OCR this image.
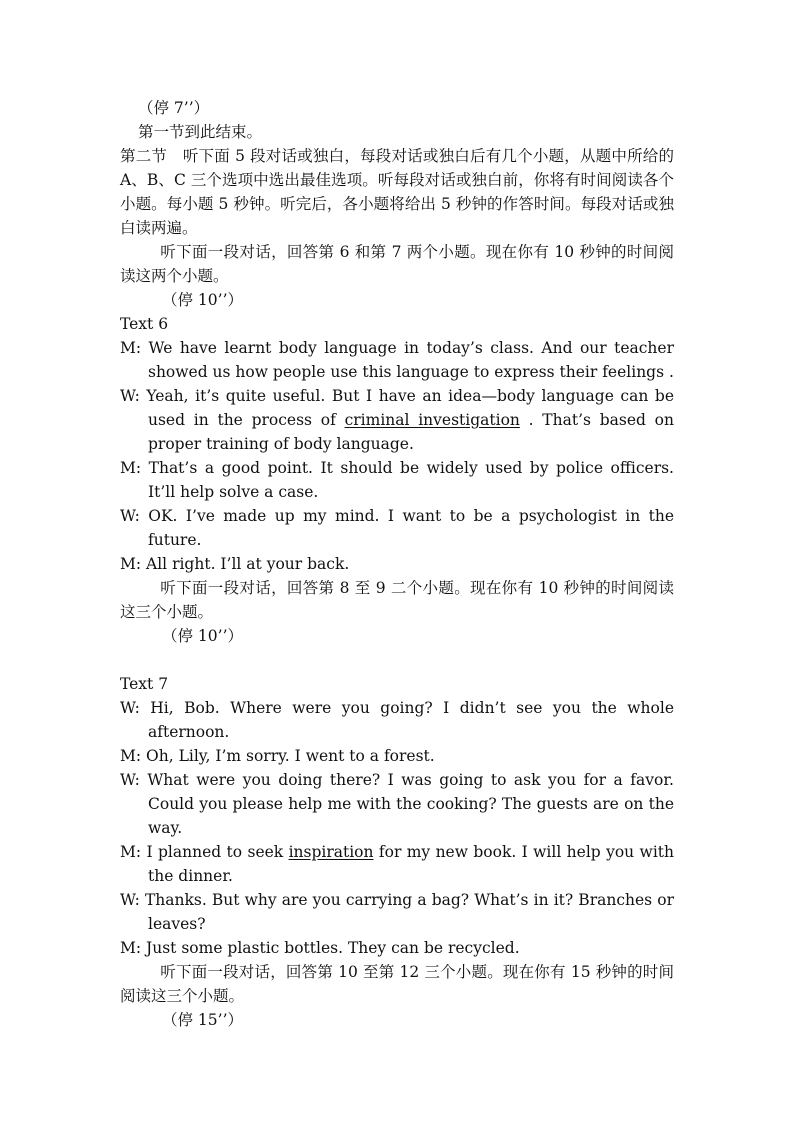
（停 7’’）

第一节到此结束。

第二节　听下面 5 段对话或独白，每段对话或独白后有几个小题，从题中所给的 A、B、C 三个选项中选出最佳选项。听每段对话或独白前，你将有时间阅读各个小题。每小题 5 秒钟。听完后，各小题将给出 5 秒钟的作答时间。每段对话或独白读两遍。

听下面一段对话，回答第 6 和第 7 两个小题。现在你有 10 秒钟的时间阅读这两个小题。

（停 10’’）

Text 6

M: We have learnt body language in today’s class. And our teacher showed us how people use this language to express their feelings .

W: Yeah, it’s quite useful. But I have an idea—body language can be used in the process of criminal investigation . That’s based on proper training of body language.

M: That’s a good point. It should be widely used by police officers. It’ll help solve a case.

W: OK. I’ve made up my mind. I want to be a psychologist in the future.

M: All right. I’ll at your back.

听下面一段对话，回答第 8 至 9 二个小题。现在你有 10 秒钟的时间阅读这三个小题。

（停 10’’）

Text 7

W: Hi, Bob. Where were you going? I didn’t see you the whole afternoon.

M: Oh, Lily, I’m sorry. I went to a forest.

W: What were you doing there? I was going to ask you for a favor. Could you please help me with the cooking? The guests are on the way.

M: I planned to seek inspiration for my new book. I will help you with the dinner.

W: Thanks. But why are you carrying a bag? What’s in it? Branches or leaves?

M: Just some plastic bottles. They can be recycled.

听下面一段对话，回答第 10 至第 12 三个小题。现在你有 15 秒钟的时间阅读这三个小题。

（停 15’’）
